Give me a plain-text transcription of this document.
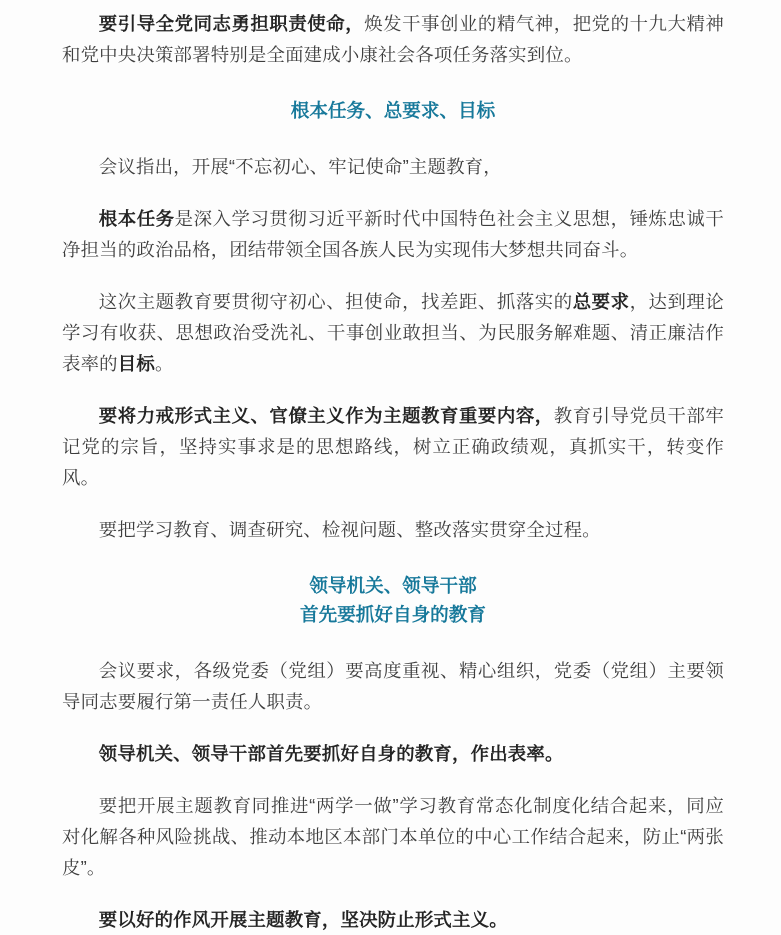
要引导全党同志勇担职责使命，焕发干事创业的精气神，把党的十九大精神和党中央决策部署特别是全面建成小康社会各项任务落实到位。

根本任务、总要求、目标

会议指出，开展“不忘初心、牢记使命”主题教育，

根本任务是深入学习贯彻习近平新时代中国特色社会主义思想，锤炼忠诚干净担当的政治品格，团结带领全国各族人民为实现伟大梦想共同奋斗。

这次主题教育要贯彻守初心、担使命，找差距、抓落实的总要求，达到理论学习有收获、思想政治受洗礼、干事创业敢担当、为民服务解难题、清正廉洁作表率的目标。

要将力戒形式主义、官僚主义作为主题教育重要内容，教育引导党员干部牢记党的宗旨，坚持实事求是的思想路线，树立正确政绩观，真抓实干，转变作风。

要把学习教育、调查研究、检视问题、整改落实贯穿全过程。

领导机关、领导干部
首先要抓好自身的教育

会议要求，各级党委（党组）要高度重视、精心组织，党委（党组）主要领导同志要履行第一责任人职责。

领导机关、领导干部首先要抓好自身的教育，作出表率。

要把开展主题教育同推进“两学一做”学习教育常态化制度化结合起来，同应对化解各种风险挑战、推动本地区本部门本单位的中心工作结合起来，防止“两张皮”。

要以好的作风开展主题教育，坚决防止形式主义。
